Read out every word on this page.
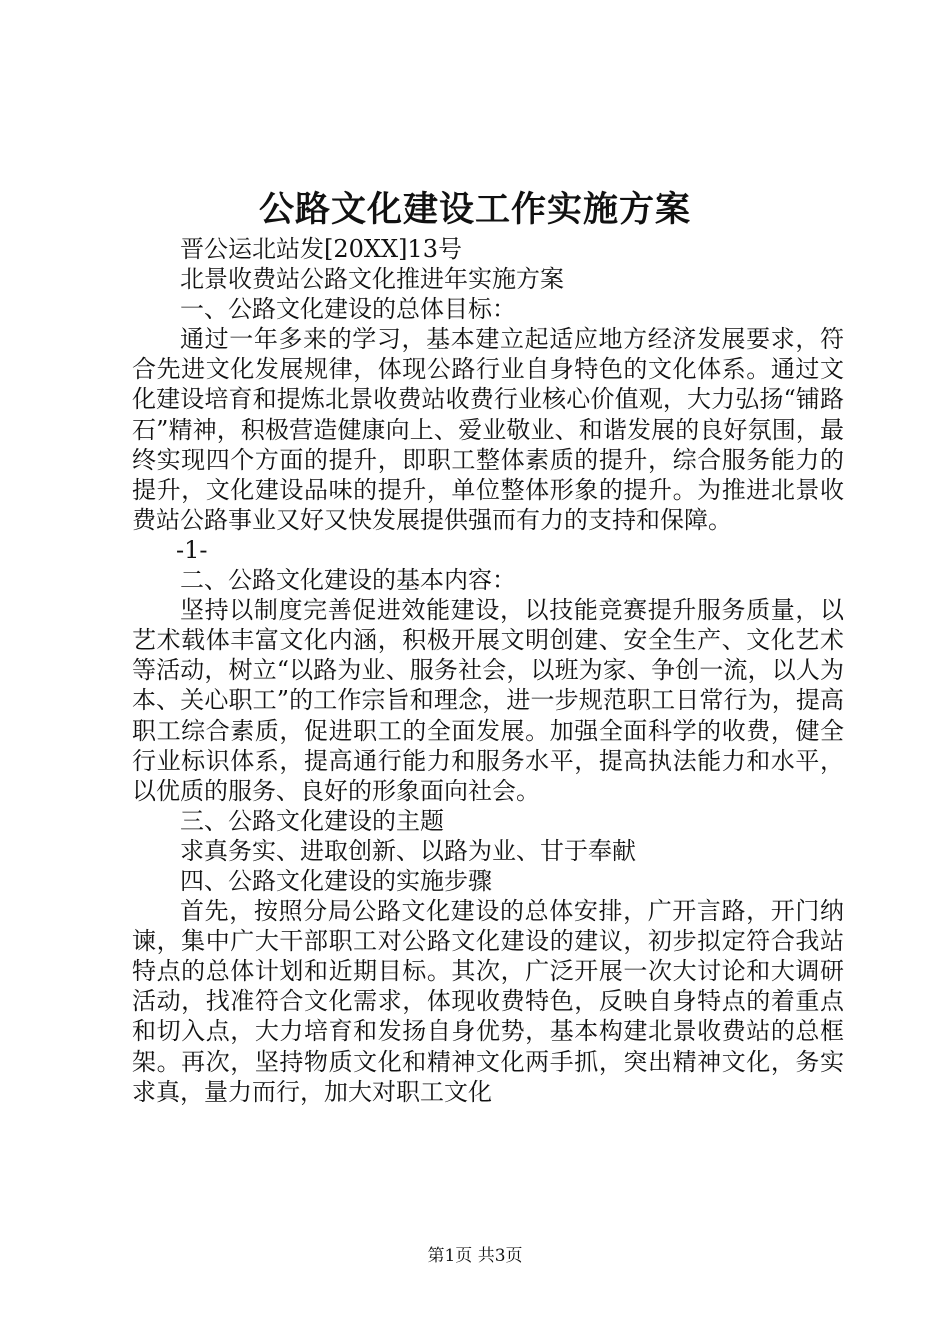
公路文化建设工作实施方案

晋公运北站发[20XX]13号

北景收费站公路文化推进年实施方案

一、公路文化建设的总体目标：

通过一年多来的学习，基本建立起适应地方经济发展要求，符合先进文化发展规律，体现公路行业自身特色的文化体系。通过文化建设培育和提炼北景收费站收费行业核心价值观，大力弘扬“铺路石”精神，积极营造健康向上、爱业敬业、和谐发展的良好氛围，最终实现四个方面的提升，即职工整体素质的提升，综合服务能力的提升，文化建设品味的提升，单位整体形象的提升。为推进北景收费站公路事业又好又快发展提供强而有力的支持和保障。

-1-

二、公路文化建设的基本内容：

坚持以制度完善促进效能建设，以技能竞赛提升服务质量，以艺术载体丰富文化内涵，积极开展文明创建、安全生产、文化艺术等活动，树立“以路为业、服务社会，以班为家、争创一流，以人为本、关心职工”的工作宗旨和理念，进一步规范职工日常行为，提高职工综合素质，促进职工的全面发展。加强全面科学的收费，健全行业标识体系，提高通行能力和服务水平，提高执法能力和水平，以优质的服务、良好的形象面向社会。

三、公路文化建设的主题

求真务实、进取创新、以路为业、甘于奉献

四、公路文化建设的实施步骤

首先，按照分局公路文化建设的总体安排，广开言路，开门纳谏，集中广大干部职工对公路文化建设的建议，初步拟定符合我站特点的总体计划和近期目标。其次，广泛开展一次大讨论和大调研活动，找准符合文化需求，体现收费特色，反映自身特点的着重点和切入点，大力培育和发扬自身优势，基本构建北景收费站的总框架。再次，坚持物质文化和精神文化两手抓，突出精神文化，务实求真，量力而行，加大对职工文化

第1页 共3页
